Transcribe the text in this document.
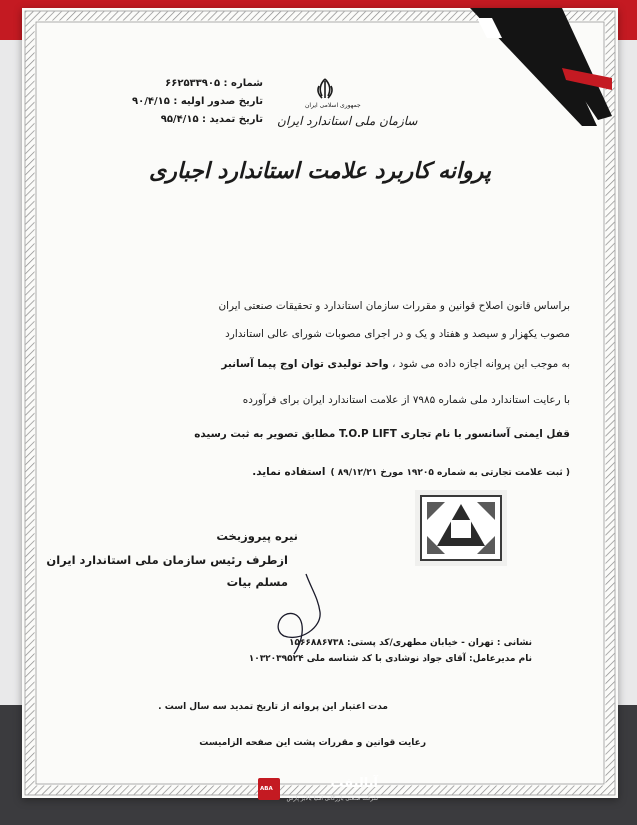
شماره : ۶۶۲۵۳۳۹۰۵
تاریخ صدور اولیه : ۹۰/۴/۱۵
تاریخ تمدید : ۹۵/۴/۱۵
جمهوری اسلامی ایران
سازمان ملی استاندارد ایران
پروانه کاربرد علامت استاندارد اجباری
براساس قانون اصلاح قوانین و مقررات سازمان استاندارد و تحقیقات صنعتی ایران
مصوب یکهزار و سیصد و هفتاد و یک و در اجرای مصوبات شورای عالی استاندارد
به موجب این پروانه اجازه داده می شود ، واحد تولیدی توان اوج پیما آسانبر
با رعایت استاندارد ملی شماره ۷۹۸۵ از علامت استاندارد ایران برای فرآورده
قفل ایمنی آسانسور با نام تجاری T.O.P LIFT مطابق تصویر به ثبت رسیده
( ثبت علامت تجارتی به شماره ۱۹۲۰۵ مورخ ۸۹/۱۲/۲۱ ) استفاده نماید.
نیره پیروزبخت
ازطرف رئیس سازمان ملی استاندارد ایران
مسلم بیات
نشانی : تهران - خیابان مطهری/کد پستی: ۱۵۶۶۸۸۶۷۳۸
نام مدیرعامل: آقای جواد نوشادی با کد شناسه ملی ۱۰۳۲۰۳۹۵۲۴
مدت اعتبار این پروانه از تاریخ تمدید سه سال است .
رعایت قوانین و مقررات پشت این صفحه الزامیست
ABA	آبالیفت
شرکت صنعتی بازرگانی آسیا بالابر پارس
